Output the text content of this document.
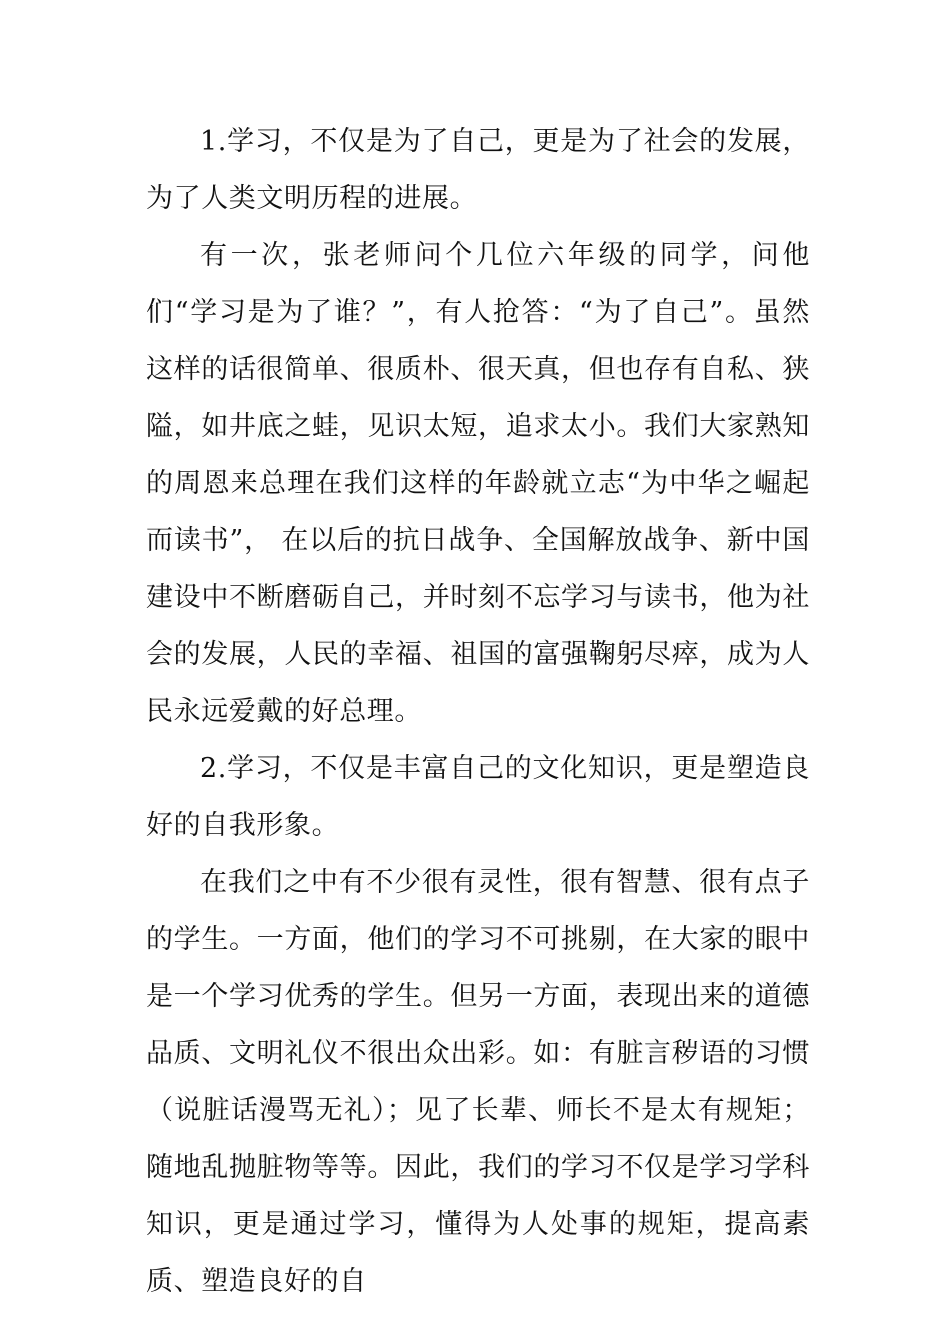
1.学习，不仅是为了自己，更是为了社会的发展，为了人类文明历程的进展。

有一次，张老师问个几位六年级的同学，问他们“学习是为了谁？”，有人抢答：“为了自己”。虽然这样的话很简单、很质朴、很天真，但也存有自私、狭隘，如井底之蛙，见识太短，追求太小。我们大家熟知的周恩来总理在我们这样的年龄就立志“为中华之崛起而读书”， 在以后的抗日战争、全国解放战争、新中国建设中不断磨砺自己，并时刻不忘学习与读书，他为社会的发展，人民的幸福、祖国的富强鞠躬尽瘁，成为人民永远爱戴的好总理。

2.学习，不仅是丰富自己的文化知识，更是塑造良好的自我形象。

在我们之中有不少很有灵性，很有智慧、很有点子的学生。一方面，他们的学习不可挑剔，在大家的眼中是一个学习优秀的学生。但另一方面，表现出来的道德品质、文明礼仪不很出众出彩。如：有脏言秽语的习惯（说脏话漫骂无礼）；见了长辈、师长不是太有规矩；随地乱抛脏物等等。因此，我们的学习不仅是学习学科知识，更是通过学习，懂得为人处事的规矩，提高素质、塑造良好的自
